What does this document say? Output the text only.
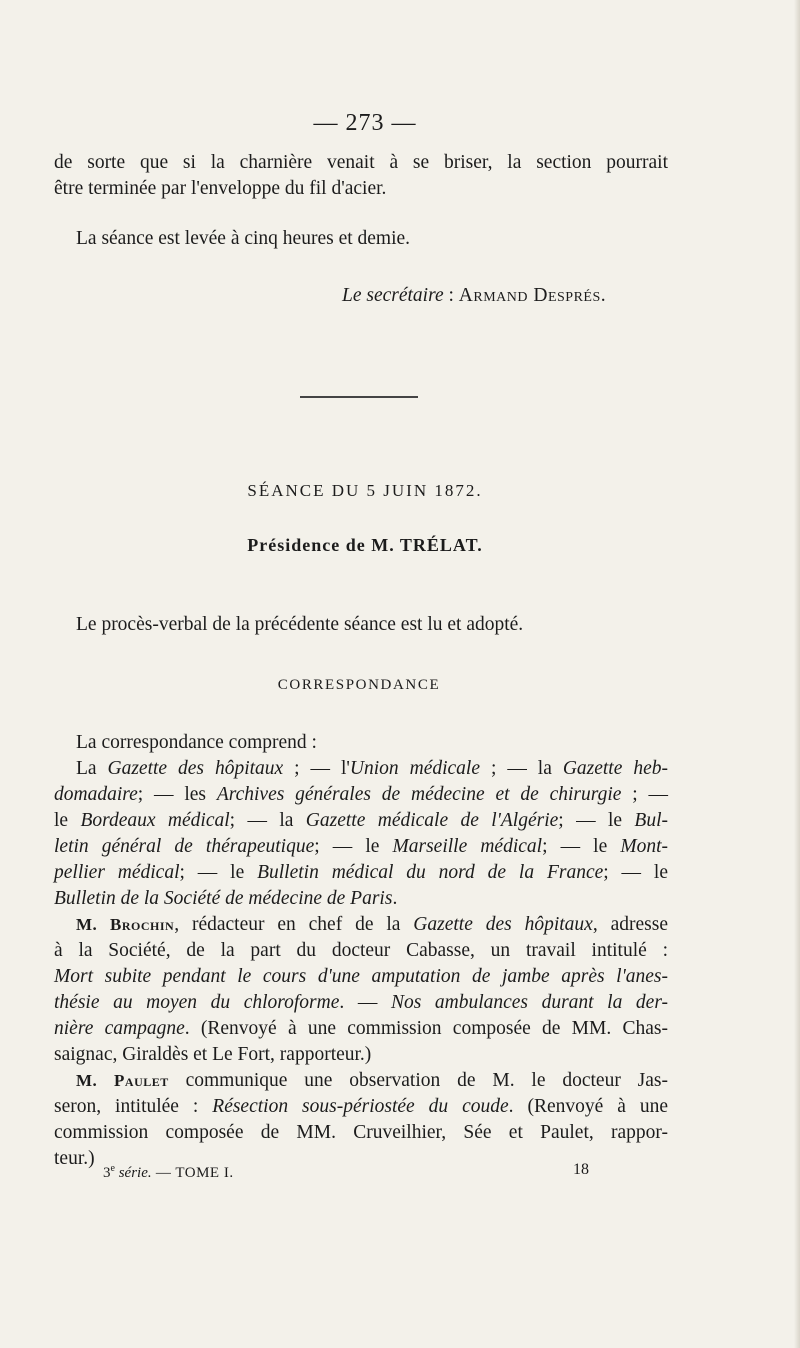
— 273 —
de sorte que si la charnière venait à se briser, la section pourrait
être terminée par l'enveloppe du fil d'acier.
La séance est levée à cinq heures et demie.
Le secrétaire : Armand Després.
SÉANCE DU 5 JUIN 1872.
Présidence de M. TRÉLAT.
Le procès-verbal de la précédente séance est lu et adopté.
CORRESPONDANCE
La correspondance comprend :
La Gazette des hôpitaux ; — l'Union médicale ; — la Gazette heb-
domadaire; — les Archives générales de médecine et de chirurgie ; —
le Bordeaux médical; — la Gazette médicale de l'Algérie; — le Bul-
letin général de thérapeutique; — le Marseille médical; — le Mont-
pellier médical; — le Bulletin médical du nord de la France; — le
Bulletin de la Société de médecine de Paris.
M. Brochin, rédacteur en chef de la Gazette des hôpitaux, adresse
à la Société, de la part du docteur Cabasse, un travail intitulé :
Mort subite pendant le cours d'une amputation de jambe après l'anes-
thésie au moyen du chloroforme. — Nos ambulances durant la der-
nière campagne. (Renvoyé à une commission composée de MM. Chas-
saignac, Giraldès et Le Fort, rapporteur.)
M. Paulet communique une observation de M. le docteur Jas-
seron, intitulée : Résection sous-périostée du coude. (Renvoyé à une
commission composée de MM. Cruveilhier, Sée et Paulet, rappor-
teur.)
3e série. — TOME I.	18
